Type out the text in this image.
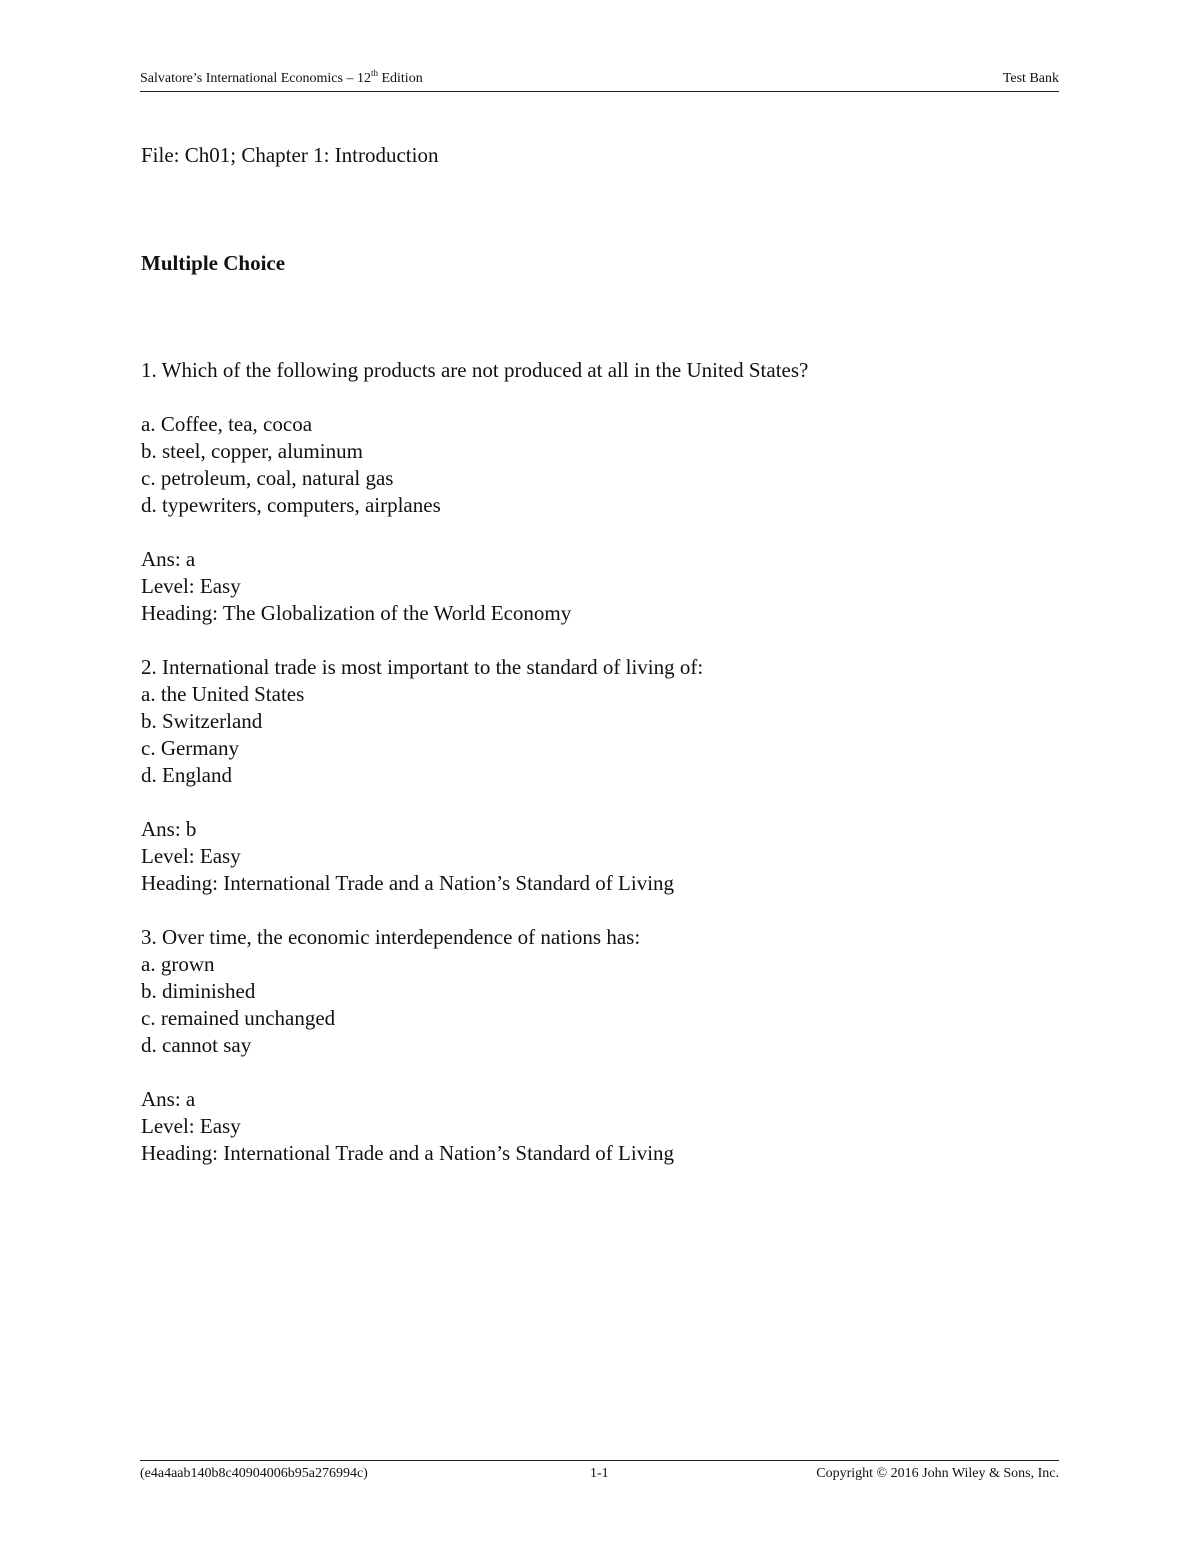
Salvatore’s International Economics – 12th Edition	Test Bank
File: Ch01; Chapter 1: Introduction
Multiple Choice
1. Which of the following products are not produced at all in the United States?
a. Coffee, tea, cocoa
b. steel, copper, aluminum
c. petroleum, coal, natural gas
d. typewriters, computers, airplanes
Ans: a
Level: Easy
Heading: The Globalization of the World Economy
2. International trade is most important to the standard of living of:
a. the United States
b. Switzerland
c. Germany
d. England
Ans: b
Level: Easy
Heading: International Trade and a Nation’s Standard of Living
3. Over time, the economic interdependence of nations has:
a. grown
b. diminished
c. remained unchanged
d. cannot say
Ans: a
Level: Easy
Heading: International Trade and a Nation’s Standard of Living
(e4a4aab140b8c40904006b95a276994c)	1-1	Copyright © 2016 John Wiley & Sons, Inc.
